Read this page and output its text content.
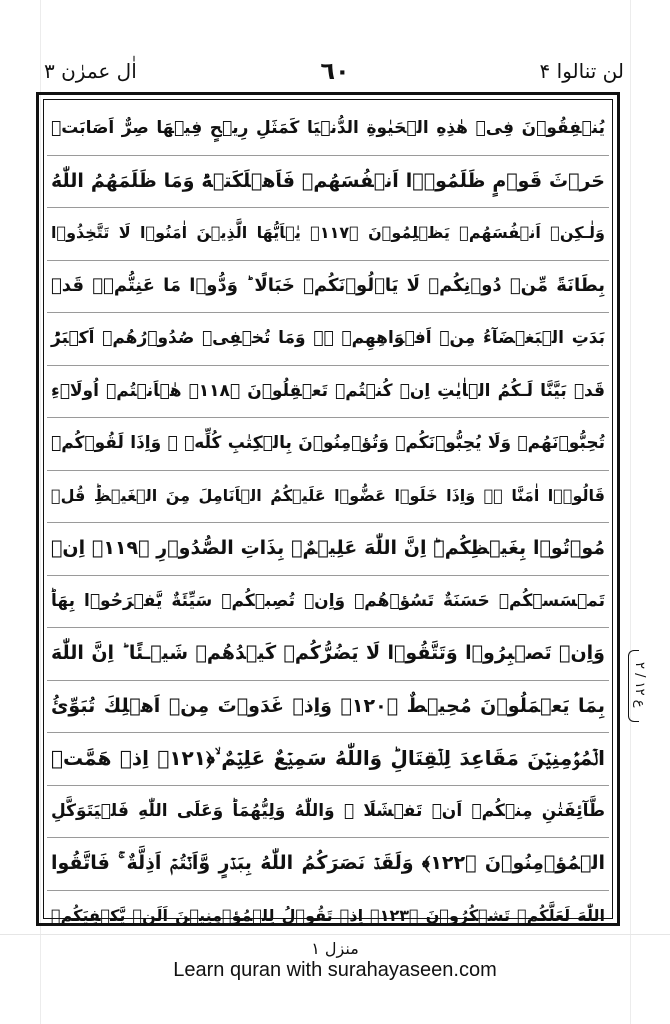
لن تنالوا ۴
٦٠
اٰل عمرٰن ۳
يُنۡفِقُوۡنَ فِىۡ هٰذِهِ الۡحَيٰوةِ الدُّنۡيَا كَمَثَلِ رِيۡحٍ فِيۡهَا صِرٌّ اَصَابَتۡ
حَرۡثَ قَوۡمٍ ظَلَمُوۡۤا اَنۡفُسَهُمۡ فَاَهۡلَكَتۡهُ‌ؕ وَمَا ظَلَمَهُمُ اللّٰهُ
وَلٰـكِنۡ اَنۡفُسَهُمۡ يَظۡلِمُوۡنَ ﴿۱۱۷﴾ يٰۤاَيُّهَا الَّذِيۡنَ اٰمَنُوۡا لَا تَتَّخِذُوۡا
بِطَانَةً مِّنۡ دُوۡنِكُمۡ لَا يَاۡلُوۡنَكُمۡ خَبَالًا ؕ وَدُّوۡا مَا عَنِتُّمۡ‌ۚ قَدۡ
بَدَتِ الۡبَغۡضَآءُ مِنۡ اَفۡوَاهِهِمۡ ‌ۖۚ وَمَا تُخۡفِىۡ صُدُوۡرُهُمۡ اَكۡبَرُ‌ؕ
قَدۡ بَيَّنَّا لَـكُمُ الۡاٰيٰتِ‌ اِنۡ كُنۡتُمۡ تَعۡقِلُوۡنَ ﴿۱۱۸﴾ هٰۤاَنۡتُمۡ اُولَاۤءِ
تُحِبُّوۡنَهُمۡ وَلَا يُحِبُّوۡنَكُمۡ وَتُؤۡمِنُوۡنَ بِالۡكِتٰبِ كُلِّهٖ ‌ۚ وَاِذَا لَقُوۡكُمۡ
قَالُوۡۤا اٰمَنَّا ۖۚ وَاِذَا خَلَوۡا عَضُّوۡا عَلَيۡكُمُ الۡاَنَامِلَ مِنَ الۡغَيۡظِ‌ؕ قُلۡ
مُوۡتُوۡا بِغَيۡظِكُمۡ‌ؕ اِنَّ اللّٰهَ عَلِيۡمٌۢ بِذَاتِ الصُّدُوۡرِ ﴿۱۱۹﴾ اِنۡ
تَمۡسَسۡكُمۡ حَسَنَةٌ تَسُؤۡهُمۡ وَاِنۡ تُصِبۡكُمۡ سَيِّئَةٌ يَّفۡرَحُوۡا بِهَا‌ؕ
وَاِنۡ تَصۡبِرُوۡا وَتَتَّقُوۡا لَا يَضُرُّكُمۡ كَيۡدُهُمۡ شَيۡـئًا ‌ؕ اِنَّ اللّٰهَ
بِمَا يَعۡمَلُوۡنَ مُحِيۡطٌ ﴿۱۲۰﴾ وَاِذۡ غَدَوۡتَ مِنۡ اَهۡلِكَ تُبَوِّئُ
الۡمُؤۡمِنِيۡنَ مَقَاعِدَ لِلۡقِتَالِ‌ؕ وَاللّٰهُ سَمِيۡعٌ عَلِيۡمٌ ۙ﴿۱۲۱﴾ اِذۡ هَمَّتۡ
طَّآئِفَتٰنِ مِنۡكُمۡ اَنۡ تَفۡشَلَا ۙ وَاللّٰهُ وَلِيُّهُمَا‌ؕ وَعَلَى اللّٰهِ فَلۡيَتَوَكَّلِ
الۡمُؤۡمِنُوۡنَ ﴿۱۲۲﴾ وَلَقَدۡ نَصَرَكُمُ اللّٰهُ بِبَدۡرٍ وَّاَنۡتُمۡ اَذِلَّةٌ ‌ۚ فَاتَّقُوا
اللّٰهَ لَعَلَّكُمۡ تَشۡكُرُوۡنَ ﴿۱۲۳﴾ اِذۡ تَقُوۡلُ لِلۡمُؤۡمِنِيۡنَ اَلَنۡ يَّكۡفِيَكُمۡ
ع ۱۲ / ۲
منزل ۱
Learn quran with surahayaseen.com
